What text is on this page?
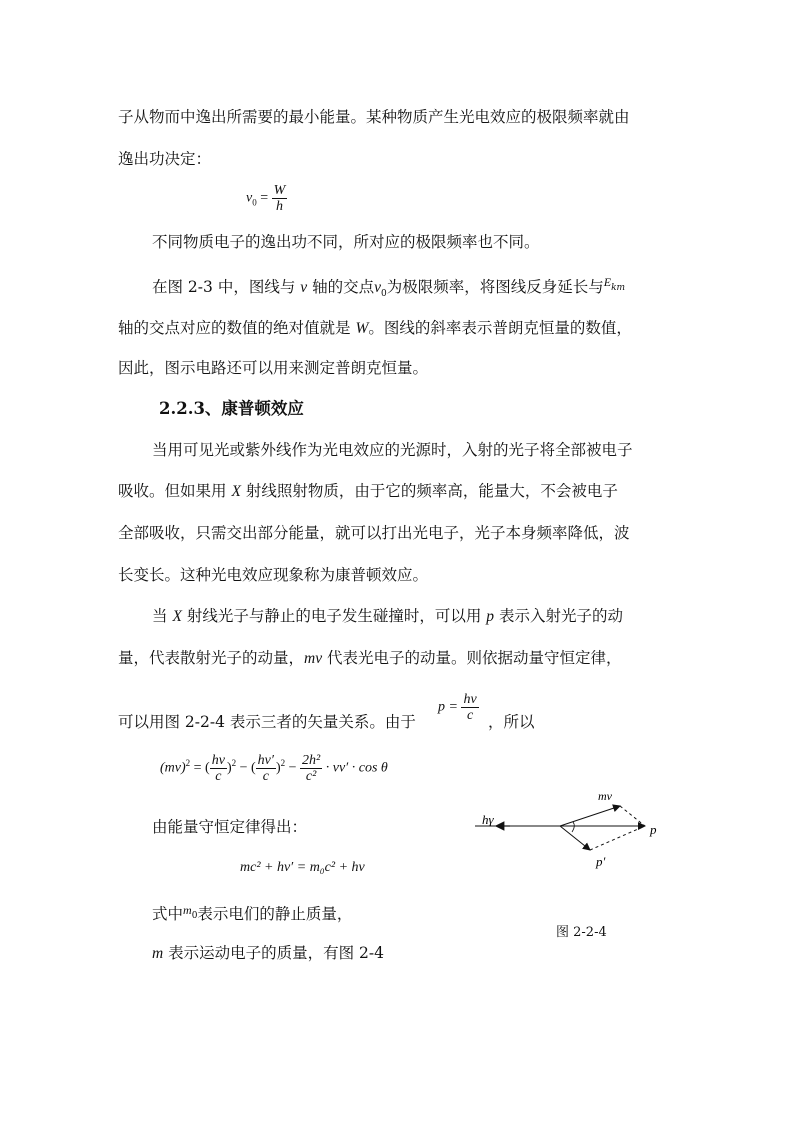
子从物而中逸出所需要的最小能量。某种物质产生光电效应的极限频率就由
逸出功决定：
$v_0 = \frac{W}{h}$
不同物质电子的逸出功不同，所对应的极限频率也不同。
在图 2-3 中，图线与 v 轴的交点$v_0$为极限频率，将图线反身延长与$^E_{km}$
轴的交点对应的数值的绝对值就是 W。图线的斜率表示普朗克恒量的数值，
因此，图示电路还可以用来测定普朗克恒量。
2.2.3、康普顿效应
当用可见光或紫外线作为光电效应的光源时，入射的光子将全部被电子
吸收。但如果用 X 射线照射物质，由于它的频率高，能量大，不会被电子
全部吸收，只需交出部分能量，就可以打出光电子，光子本身频率降低，波
长变长。这种光电效应现象称为康普顿效应。
当 X 射线光子与静止的电子发生碰撞时，可以用 p 表示入射光子的动
量，代表散射光子的动量，mv 代表光电子的动量。则依据动量守恒定律，
可以用图 2-2-4 表示三者的矢量关系。由于
$p = \frac{hv}{c}$ ，所以
(mv)$^2$ = ( $\frac{hv}{c} )^2$ − ( $\frac{hv'}{c} )^2 - \frac{\text{2h²}}{\text{c²}} \cdot vv' \cdot \cos \theta$
由能量守恒定律得出：
mc² + hv′ = m₀c² + hv
式中$^m_0$表示电们的静止质量，
m 表示运动电子的质量，有图 2-4
hγ
mv
p
p′
图 2-2-4
